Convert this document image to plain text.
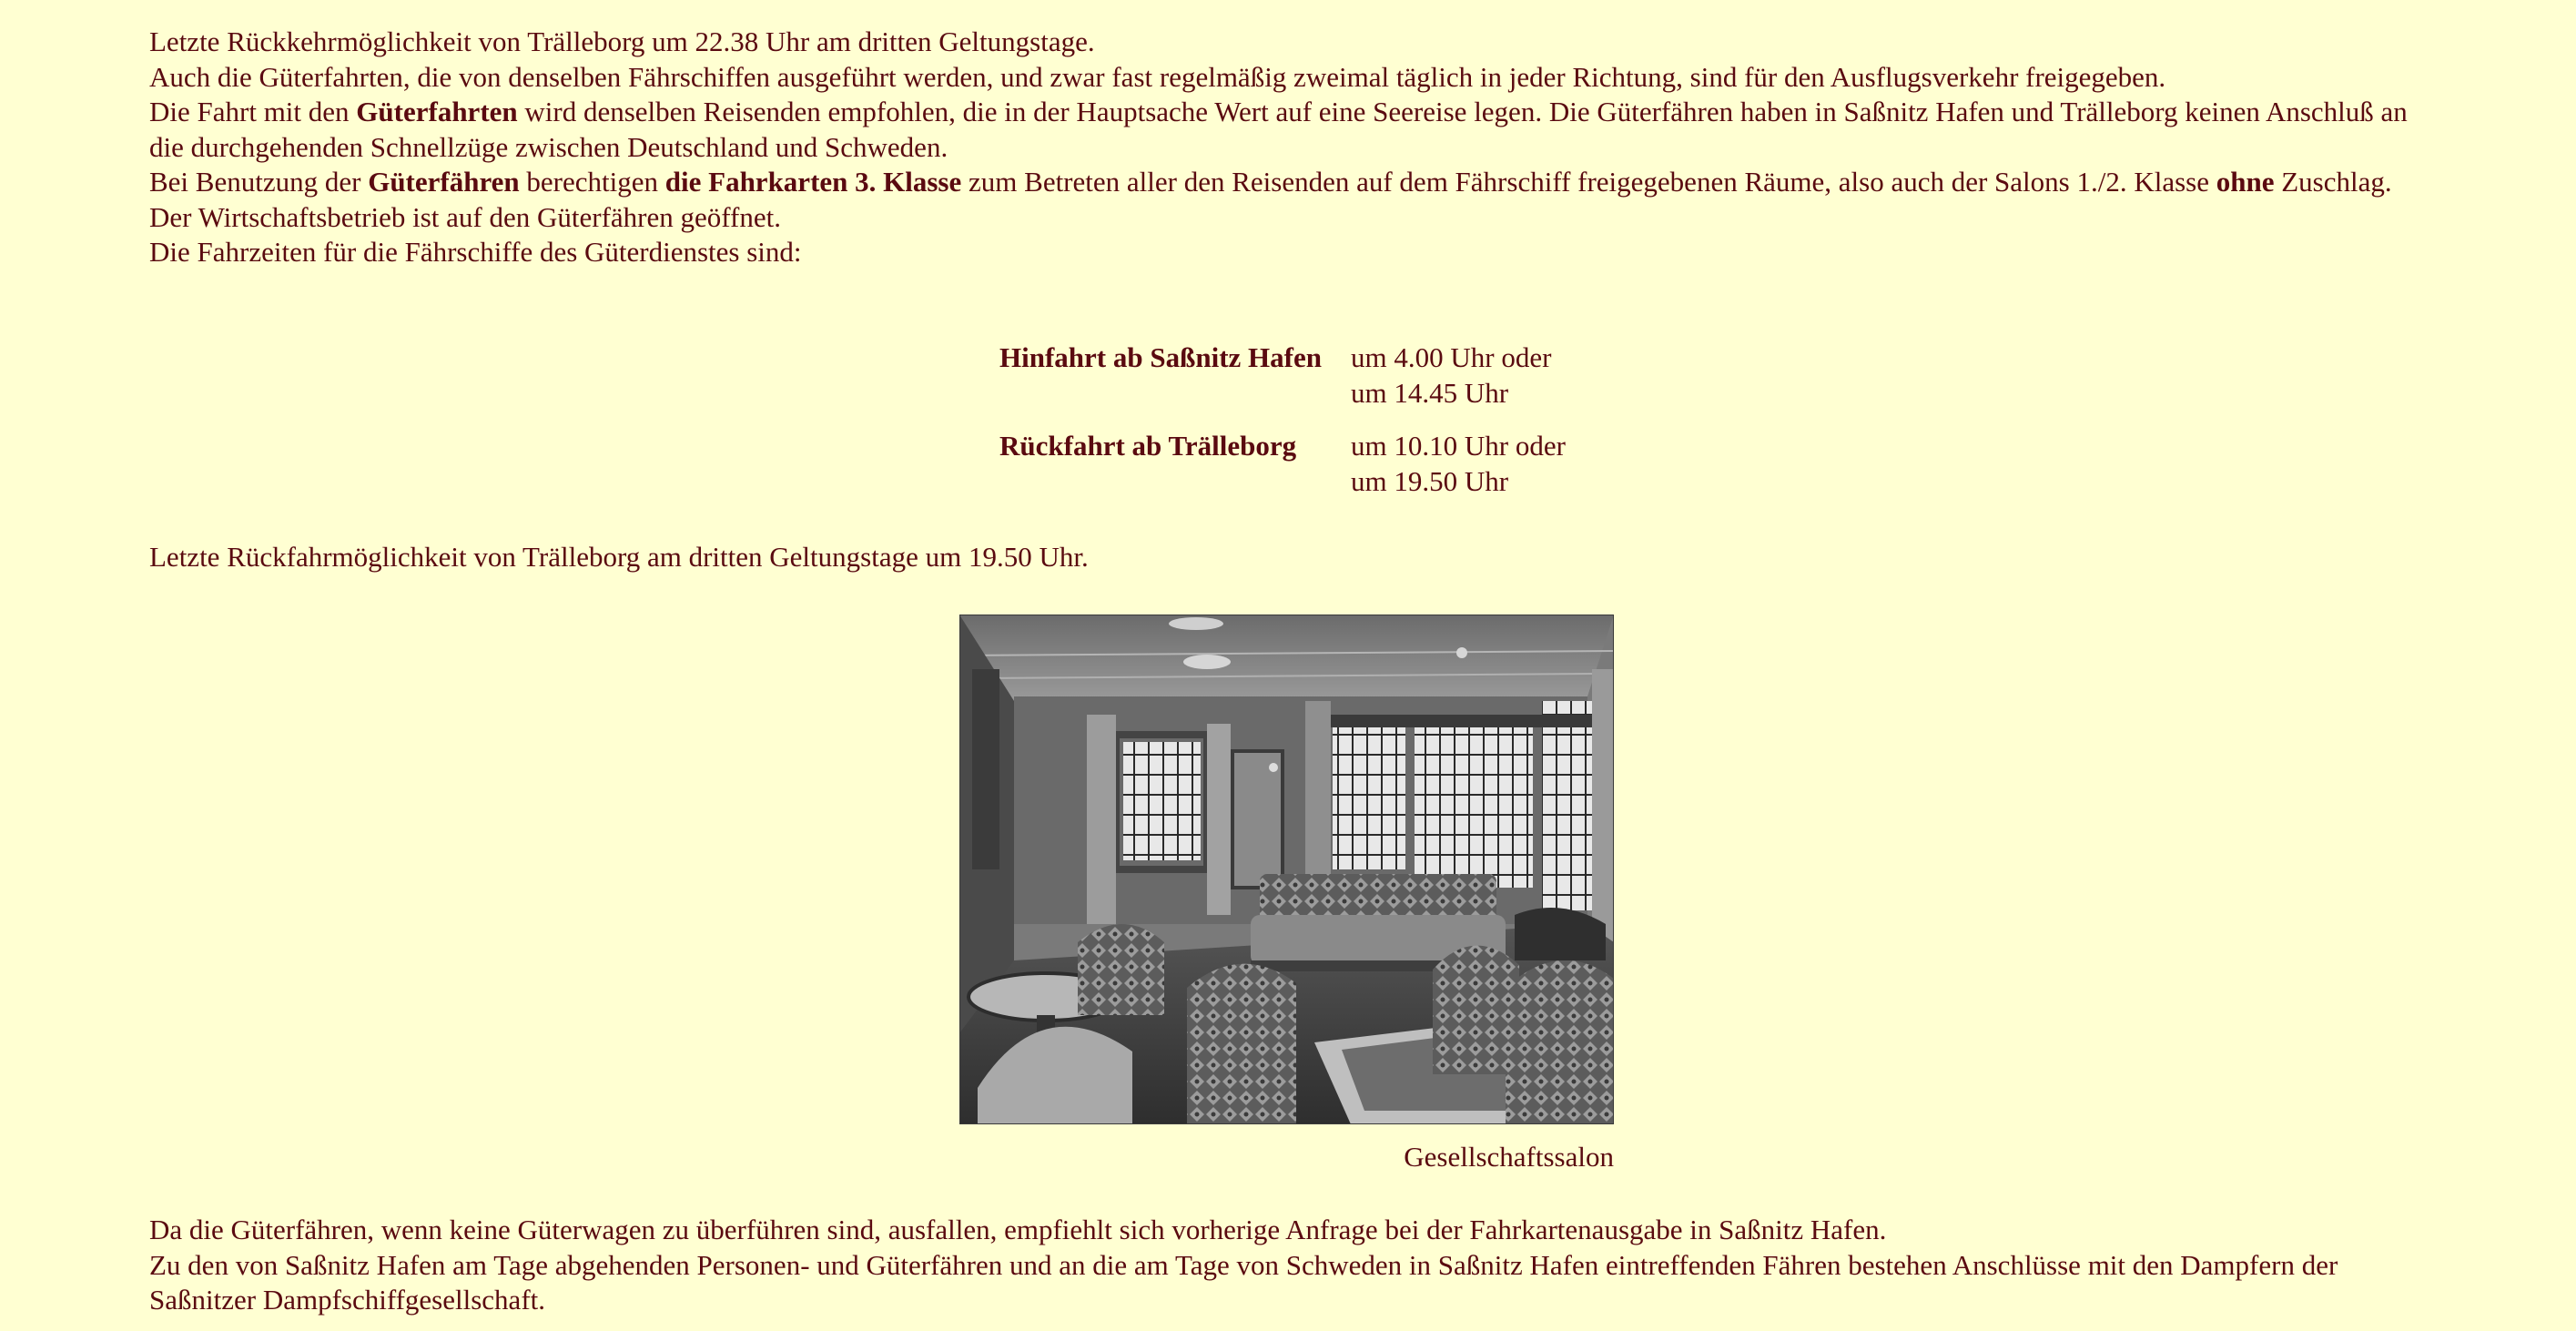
Letzte Rückkehrmöglichkeit von Trälleborg um 22.38 Uhr am dritten Geltungstage.

Auch die Güterfahrten, die von denselben Fährschiffen ausgeführt werden, und zwar fast regelmäßig zweimal täglich in jeder Richtung, sind für den Ausflugsverkehr freigegeben.

Die Fahrt mit den Güterfahrten wird denselben Reisenden empfohlen, die in der Hauptsache Wert auf eine Seereise legen. Die Güterfähren haben in Saßnitz Hafen und Trälleborg keinen Anschluß an die durchgehenden Schnellzüge zwischen Deutschland und Schweden.

Bei Benutzung der Güterfähren berechtigen die Fahrkarten 3. Klasse zum Betreten aller den Reisenden auf dem Fährschiff freigegebenen Räume, also auch der Salons 1./2. Klasse ohne Zuschlag.

Der Wirtschaftsbetrieb ist auf den Güterfähren geöffnet.

Die Fahrzeiten für die Fährschiffe des Güterdienstes sind:

Hinfahrt ab Saßnitz Hafen	um 4.00 Uhr oder
um 14.45 Uhr
Rückfahrt ab Trälleborg	um 10.10 Uhr oder
um 19.50 Uhr

Letzte Rückfahrmöglichkeit von Trälleborg am dritten Geltungstage um 19.50 Uhr.

Gesellschaftssalon

Da die Güterfähren, wenn keine Güterwagen zu überführen sind, ausfallen, empfiehlt sich vorherige Anfrage bei der Fahrkartenausgabe in Saßnitz Hafen.

Zu den von Saßnitz Hafen am Tage abgehenden Personen- und Güterfähren und an die am Tage von Schweden in Saßnitz Hafen eintreffenden Fähren bestehen Anschlüsse mit den Dampfern der Saßnitzer Dampfschiffgesellschaft.
